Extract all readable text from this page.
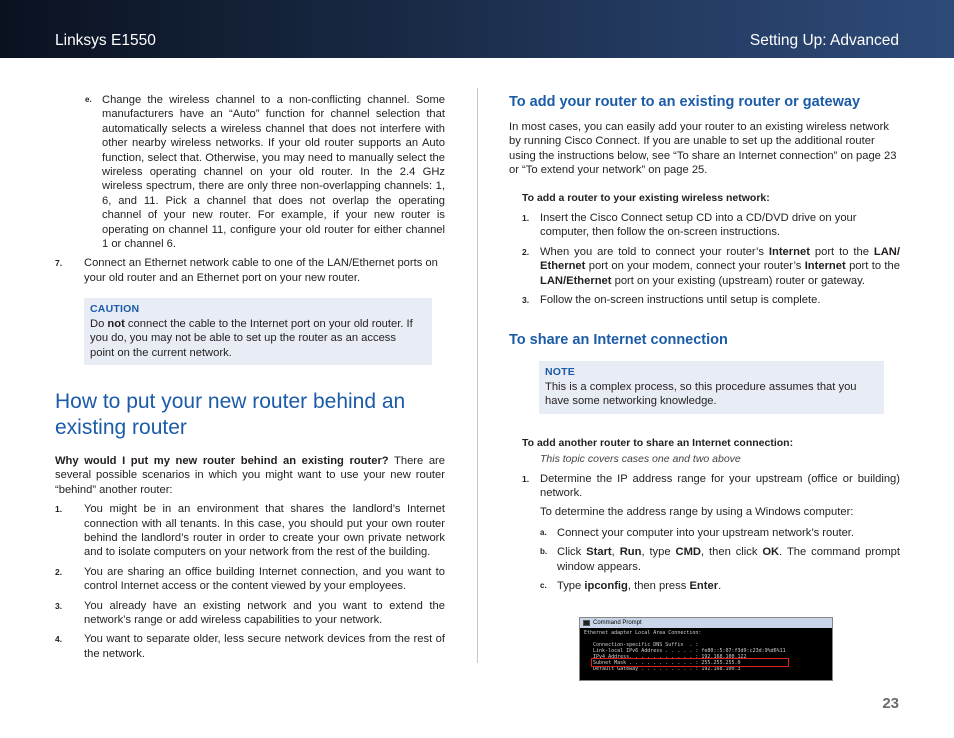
Linksys E1550	Setting Up: Advanced
e. Change the wireless channel to a non-conflicting channel. Some manufacturers have an “Auto” function for channel selection that automatically selects a wireless channel that does not interfere with other nearby wireless networks. If your old router supports an Auto function, select that. Otherwise, you may need to manually select the wireless operating channel on your old router. In the 2.4 GHz wireless spectrum, there are only three non-overlapping channels: 1, 6, and 11. Pick a channel that does not overlap the operating channel of your new router. For example, if your new router is operating on channel 11, configure your old router for either channel 1 or channel 6.
7.	Connect an Ethernet network cable to one of the LAN/Ethernet ports on your old router and an Ethernet port on your new router.
CAUTION
Do not connect the cable to the Internet port on your old router. If you do, you may not be able to set up the router as an access point on the current network.
How to put your new router behind an existing router
Why would I put my new router behind an existing router? There are several possible scenarios in which you might want to use your new router “behind” another router:
1.	You might be in an environment that shares the landlord’s Internet connection with all tenants. In this case, you should put your own router behind the landlord’s router in order to create your own private network and to isolate computers on your network from the rest of the building.
2.	You are sharing an office building Internet connection, and you want to control Internet access or the content viewed by your employees.
3.	You already have an existing network and you want to extend the network’s range or add wireless capabilities to your network.
4.	You want to separate older, less secure network devices from the rest of the network.
To add your router to an existing router or gateway
In most cases, you can easily add your router to an existing wireless network by running Cisco Connect. If you are unable to set up the additional router using the instructions below, see “To share an Internet connection” on page 23 or “To extend your network” on page 25.
To add a router to your existing wireless network:
1. Insert the Cisco Connect setup CD into a CD/DVD drive on your computer, then follow the on-screen instructions.
2. When you are told to connect your router’s Internet port to the LAN/ Ethernet port on your modem, connect your router’s Internet port to the LAN/Ethernet port on your existing (upstream) router or gateway.
3. Follow the on-screen instructions until setup is complete.
To share an Internet connection
NOTE
This is a complex process, so this procedure assumes that you have some networking knowledge.
To add another router to share an Internet connection:
This topic covers cases one and two above
1. Determine the IP address range for your upstream (office or building) network.
To determine the address range by using a Windows computer:
a. Connect your computer into your upstream network’s router.
b. Click Start, Run, type CMD, then click OK. The command prompt window appears.
c. Type ipconfig, then press Enter.
Command Prompt
Ethernet adapter Local Area Connection:

Connection-specific DNS Suffix  . :
Link-local IPv6 Address . . . . . : fe80::5:07:f3d9:c23d:9%d6%11
IPv4 Address. . . . . . . . . . . : 192.168.100.122
Subnet Mask . . . . . . . . . . . : 255.255.255.0
Default Gateway . . . . . . . . . : 192.168.100.3
23
